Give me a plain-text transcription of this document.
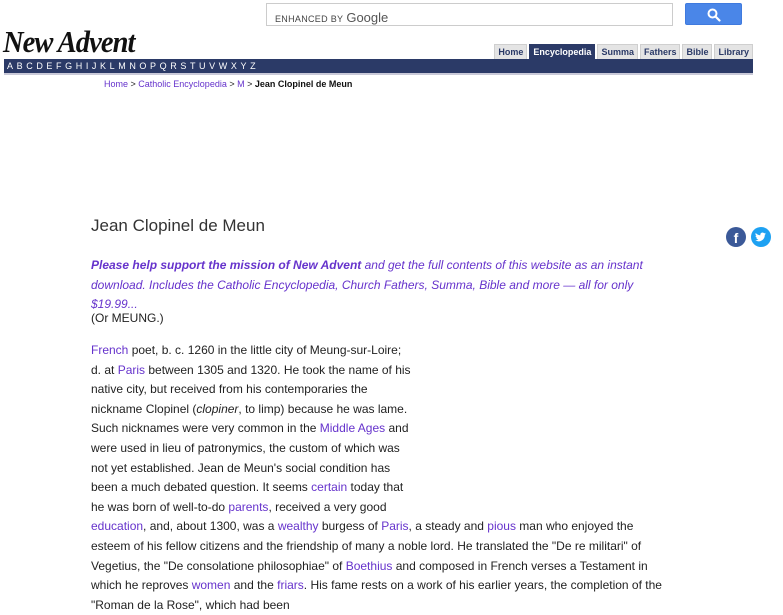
ENHANCED BY Google
New Advent	Home	Encyclopedia	Summa	Fathers	Bible	Library
A B C D E F G H I J K L M N O P Q R S T U V W X Y Z
Home > Catholic Encyclopedia > M > Jean Clopinel de Meun
Jean Clopinel de Meun
f
Please help support the mission of New Advent and get the full contents of this website as an instant download. Includes the Catholic Encyclopedia, Church Fathers, Summa, Bible and more — all for only $19.99...
(Or MEUNG.)
French poet, b. c. 1260 in the little city of Meung-sur-Loire; d. at Paris between 1305 and 1320. He took the name of his native city, but received from his contemporaries the nickname Clopinel (clopiner, to limp) because he was lame. Such nicknames were very common in the Middle Ages and were used in lieu of patronymics, the custom of which was not yet established. Jean de Meun's social condition has been a much debated question. It seems certain today that he was born of well-to-do parents, received a very good education, and, about 1300, was a wealthy burgess of Paris, a steady and pious man who enjoyed the esteem of his fellow citizens and the friendship of many a noble lord. He translated the "De re militari" of Vegetius, the "De consolatione philosophiae" of Boethius and composed in French verses a Testament in which he reproves women and the friars. His fame rests on a work of his earlier years, the completion of the "Roman de la Rose", which had been
